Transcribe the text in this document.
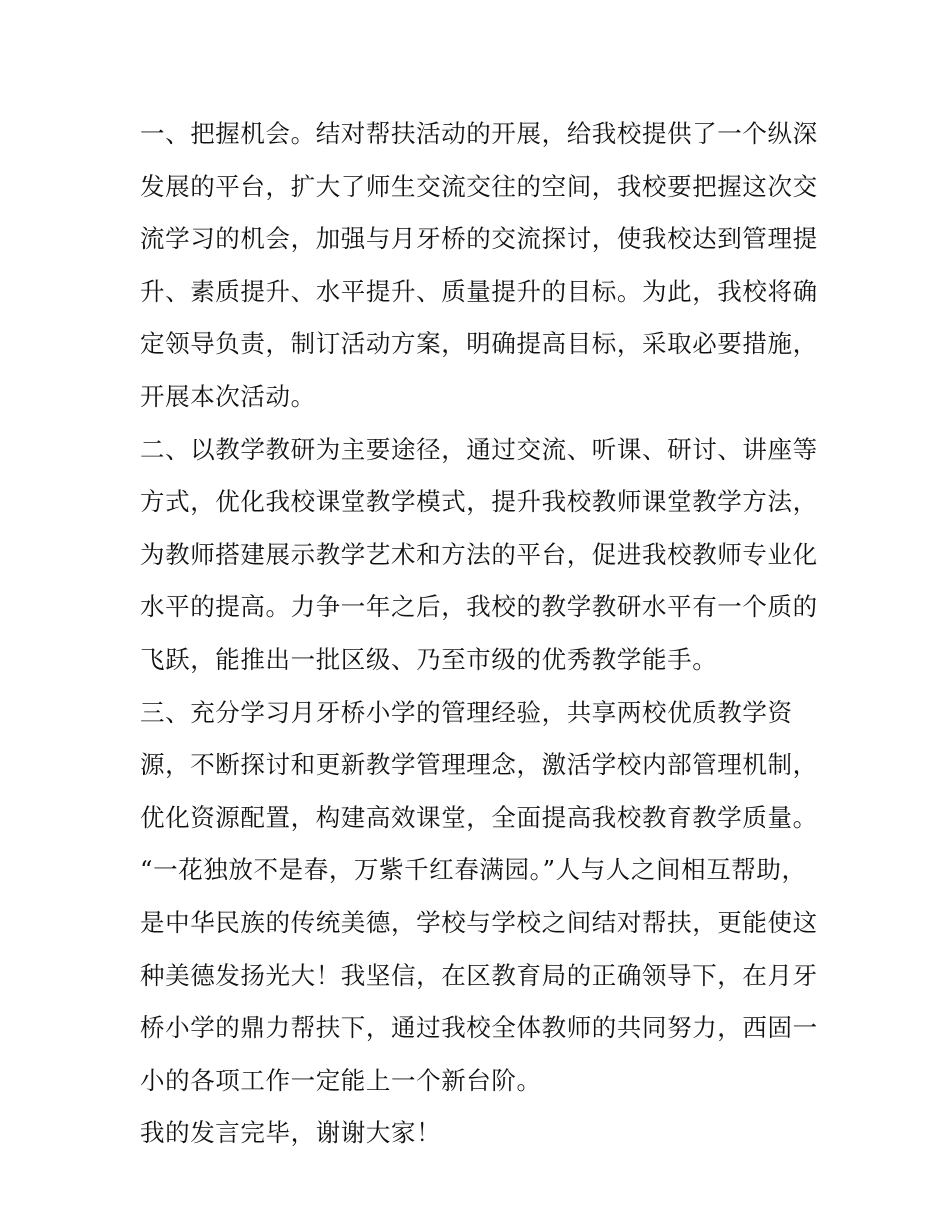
一、把握机会。结对帮扶活动的开展，给我校提供了一个纵深
发展的平台，扩大了师生交流交往的空间，我校要把握这次交
流学习的机会，加强与月牙桥的交流探讨，使我校达到管理提
升、素质提升、水平提升、质量提升的目标。为此，我校将确
定领导负责，制订活动方案，明确提高目标，采取必要措施，
开展本次活动。
二、以教学教研为主要途径，通过交流、听课、研讨、讲座等
方式，优化我校课堂教学模式，提升我校教师课堂教学方法，
为教师搭建展示教学艺术和方法的平台，促进我校教师专业化
水平的提高。力争一年之后，我校的教学教研水平有一个质的
飞跃，能推出一批区级、乃至市级的优秀教学能手。
三、充分学习月牙桥小学的管理经验，共享两校优质教学资
源，不断探讨和更新教学管理理念，激活学校内部管理机制，
优化资源配置，构建高效课堂，全面提高我校教育教学质量。
“一花独放不是春，万紫千红春满园。”人与人之间相互帮助，
是中华民族的传统美德，学校与学校之间结对帮扶，更能使这
种美德发扬光大！我坚信，在区教育局的正确领导下，在月牙
桥小学的鼎力帮扶下，通过我校全体教师的共同努力，西固一
小的各项工作一定能上一个新台阶。
我的发言完毕，谢谢大家！
